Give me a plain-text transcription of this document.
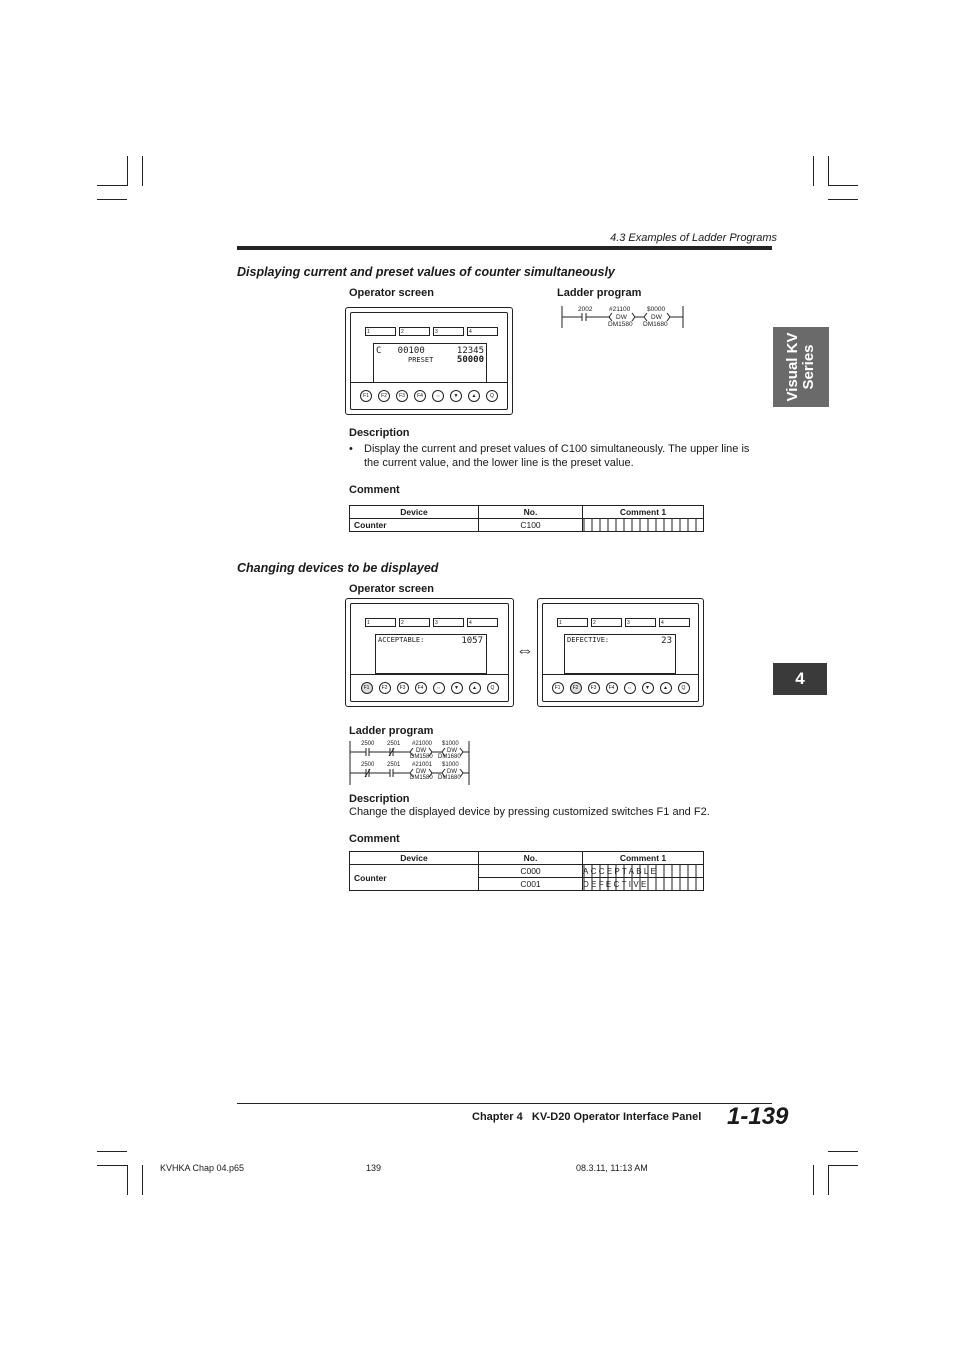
4.3 Examples of Ladder Programs
Visual KV Series
4
Displaying current and preset values of counter simultaneously
Operator screen	Ladder program
1	2	3	4
C   00100	12345
PRESET	50000
F1	F2	F3	F4	⇔	▼	▲	Q
2002	#21100
DW
DM1580
$0000
DW
DM1680
Description
• Display the current and preset values of C100 simultaneously. The upper line is the current value, and the lower line is the preset value.
Comment
Device	No.	Comment 1
Counter	C100	
Changing devices to be displayed
Operator screen
1	2	3	4
ACCEPTABLE:	1057
F1	F2	F3	F4	⇔	▼	▲	Q
⇔
1	2	3	4
DEFECTIVE:	23
F1	F2	F3	F4	⇔	▼	▲	Q
Ladder program
2500 2501 #21000
DW
DM1580
$1000
DW
DM1680
2500 2501 #21001
DW
DM1580
$1000
DW
DM1680
Description
Change the displayed device by pressing customized switches F1 and F2.
Comment
Device	No.	Comment 1
Counter	C000	ACCEPTABLE
	C001	DEFECTIVE
Chapter 4 KV-D20 Operator Interface Panel 1-139
KVHKA Chap 04.p65	139	08.3.11, 11:13 AM
